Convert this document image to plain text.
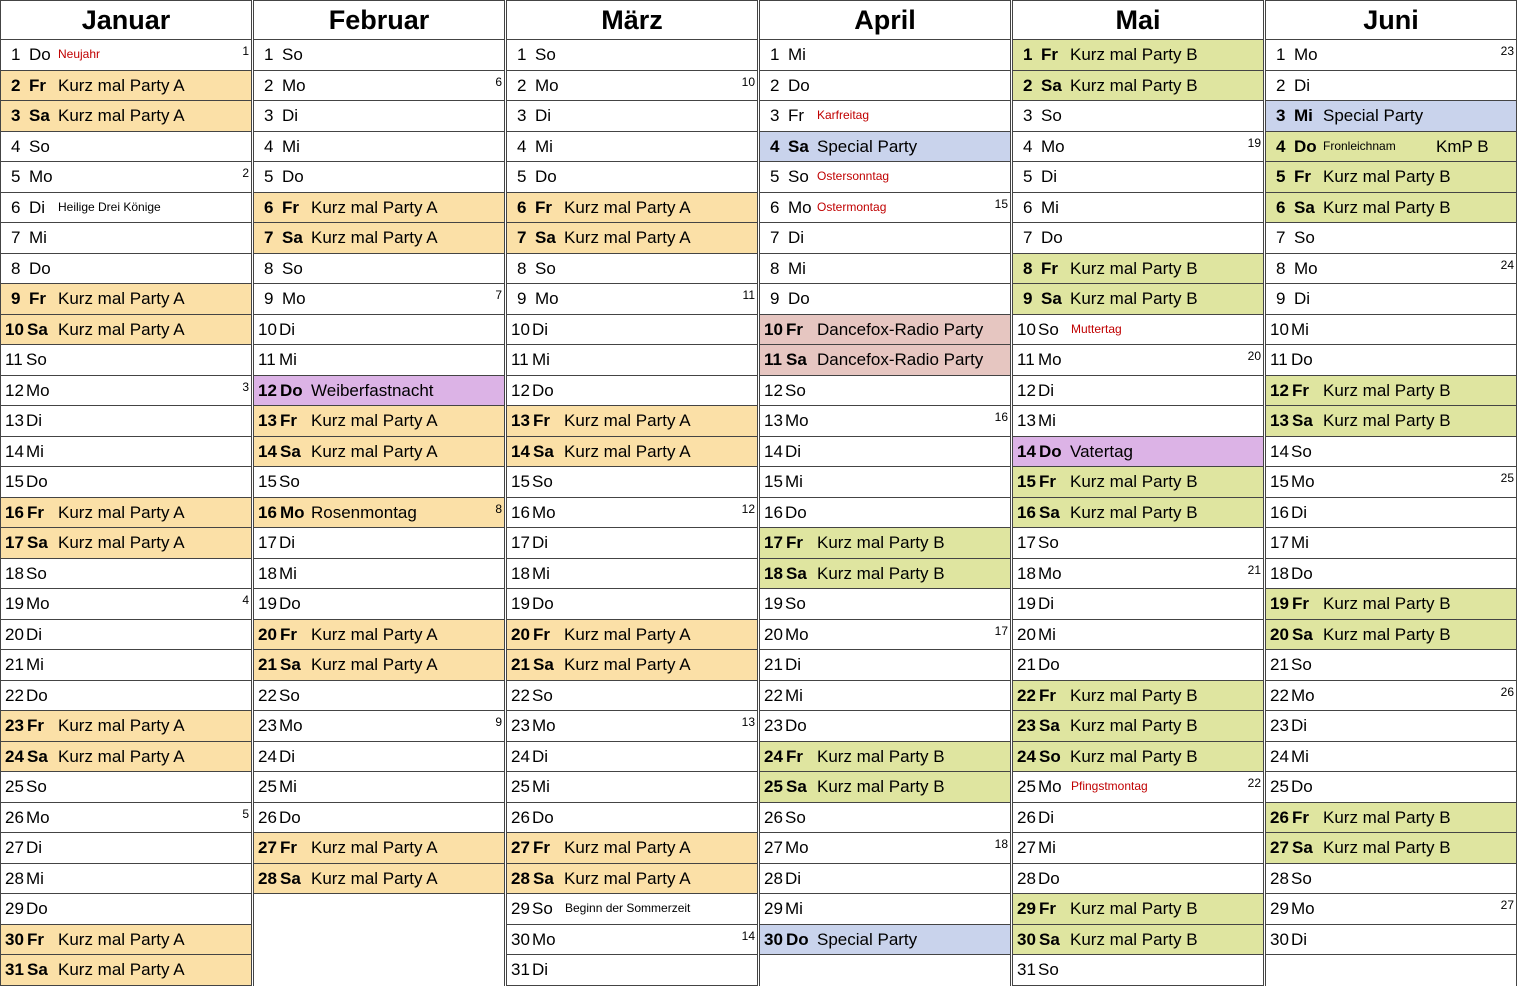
Januar
1 Do Neujahr	1
2 Fr Kurz mal Party A
3 Sa Kurz mal Party A
4 So
5 Mo	2
6 Di Heilige Drei Könige
7 Mi
8 Do
9 Fr Kurz mal Party A
10 Sa Kurz mal Party A
11 So
12 Mo	3
13 Di
14 Mi
15 Do
16 Fr Kurz mal Party A
17 Sa Kurz mal Party A
18 So
19 Mo	4
20 Di
21 Mi
22 Do
23 Fr Kurz mal Party A
24 Sa Kurz mal Party A
25 So
26 Mo	5
27 Di
28 Mi
29 Do
30 Fr Kurz mal Party A
31 Sa Kurz mal Party A
Februar
1 So
2 Mo	6
3 Di
4 Mi
5 Do
6 Fr Kurz mal Party A
7 Sa Kurz mal Party A
8 So
9 Mo	7
10 Di
11 Mi
12 Do Weiberfastnacht
13 Fr Kurz mal Party A
14 Sa Kurz mal Party A
15 So
16 Mo Rosenmontag	8
17 Di
18 Mi
19 Do
20 Fr Kurz mal Party A
21 Sa Kurz mal Party A
22 So
23 Mo	9
24 Di
25 Mi
26 Do
27 Fr Kurz mal Party A
28 Sa Kurz mal Party A
März
1 So
2 Mo	10
3 Di
4 Mi
5 Do
6 Fr Kurz mal Party A
7 Sa Kurz mal Party A
8 So
9 Mo	11
10 Di
11 Mi
12 Do
13 Fr Kurz mal Party A
14 Sa Kurz mal Party A
15 So
16 Mo	12
17 Di
18 Mi
19 Do
20 Fr Kurz mal Party A
21 Sa Kurz mal Party A
22 So
23 Mo	13
24 Di
25 Mi
26 Do
27 Fr Kurz mal Party A
28 Sa Kurz mal Party A
29 So Beginn der Sommerzeit
30 Mo	14
31 Di
April
1 Mi
2 Do
3 Fr Karfreitag
4 Sa Special Party
5 So Ostersonntag
6 Mo Ostermontag	15
7 Di
8 Mi
9 Do
10 Fr Dancefox-Radio Party
11 Sa Dancefox-Radio Party
12 So
13 Mo	16
14 Di
15 Mi
16 Do
17 Fr Kurz mal Party B
18 Sa Kurz mal Party B
19 So
20 Mo	17
21 Di
22 Mi
23 Do
24 Fr Kurz mal Party B
25 Sa Kurz mal Party B
26 So
27 Mo	18
28 Di
29 Mi
30 Do Special Party
Mai
1 Fr Kurz mal Party B
2 Sa Kurz mal Party B
3 So
4 Mo	19
5 Di
6 Mi
7 Do
8 Fr Kurz mal Party B
9 Sa Kurz mal Party B
10 So Muttertag
11 Mo	20
12 Di
13 Mi
14 Do Vatertag
15 Fr Kurz mal Party B
16 Sa Kurz mal Party B
17 So
18 Mo	21
19 Di
20 Mi
21 Do
22 Fr Kurz mal Party B
23 Sa Kurz mal Party B
24 So Kurz mal Party B
25 Mo Pfingstmontag	22
26 Di
27 Mi
28 Do
29 Fr Kurz mal Party B
30 Sa Kurz mal Party B
31 So
Juni
1 Mo	23
2 Di
3 Mi Special Party
4 Do Fronleichnam KmP B
5 Fr Kurz mal Party B
6 Sa Kurz mal Party B
7 So
8 Mo	24
9 Di
10 Mi
11 Do
12 Fr Kurz mal Party B
13 Sa Kurz mal Party B
14 So
15 Mo	25
16 Di
17 Mi
18 Do
19 Fr Kurz mal Party B
20 Sa Kurz mal Party B
21 So
22 Mo	26
23 Di
24 Mi
25 Do
26 Fr Kurz mal Party B
27 Sa Kurz mal Party B
28 So
29 Mo	27
30 Di
